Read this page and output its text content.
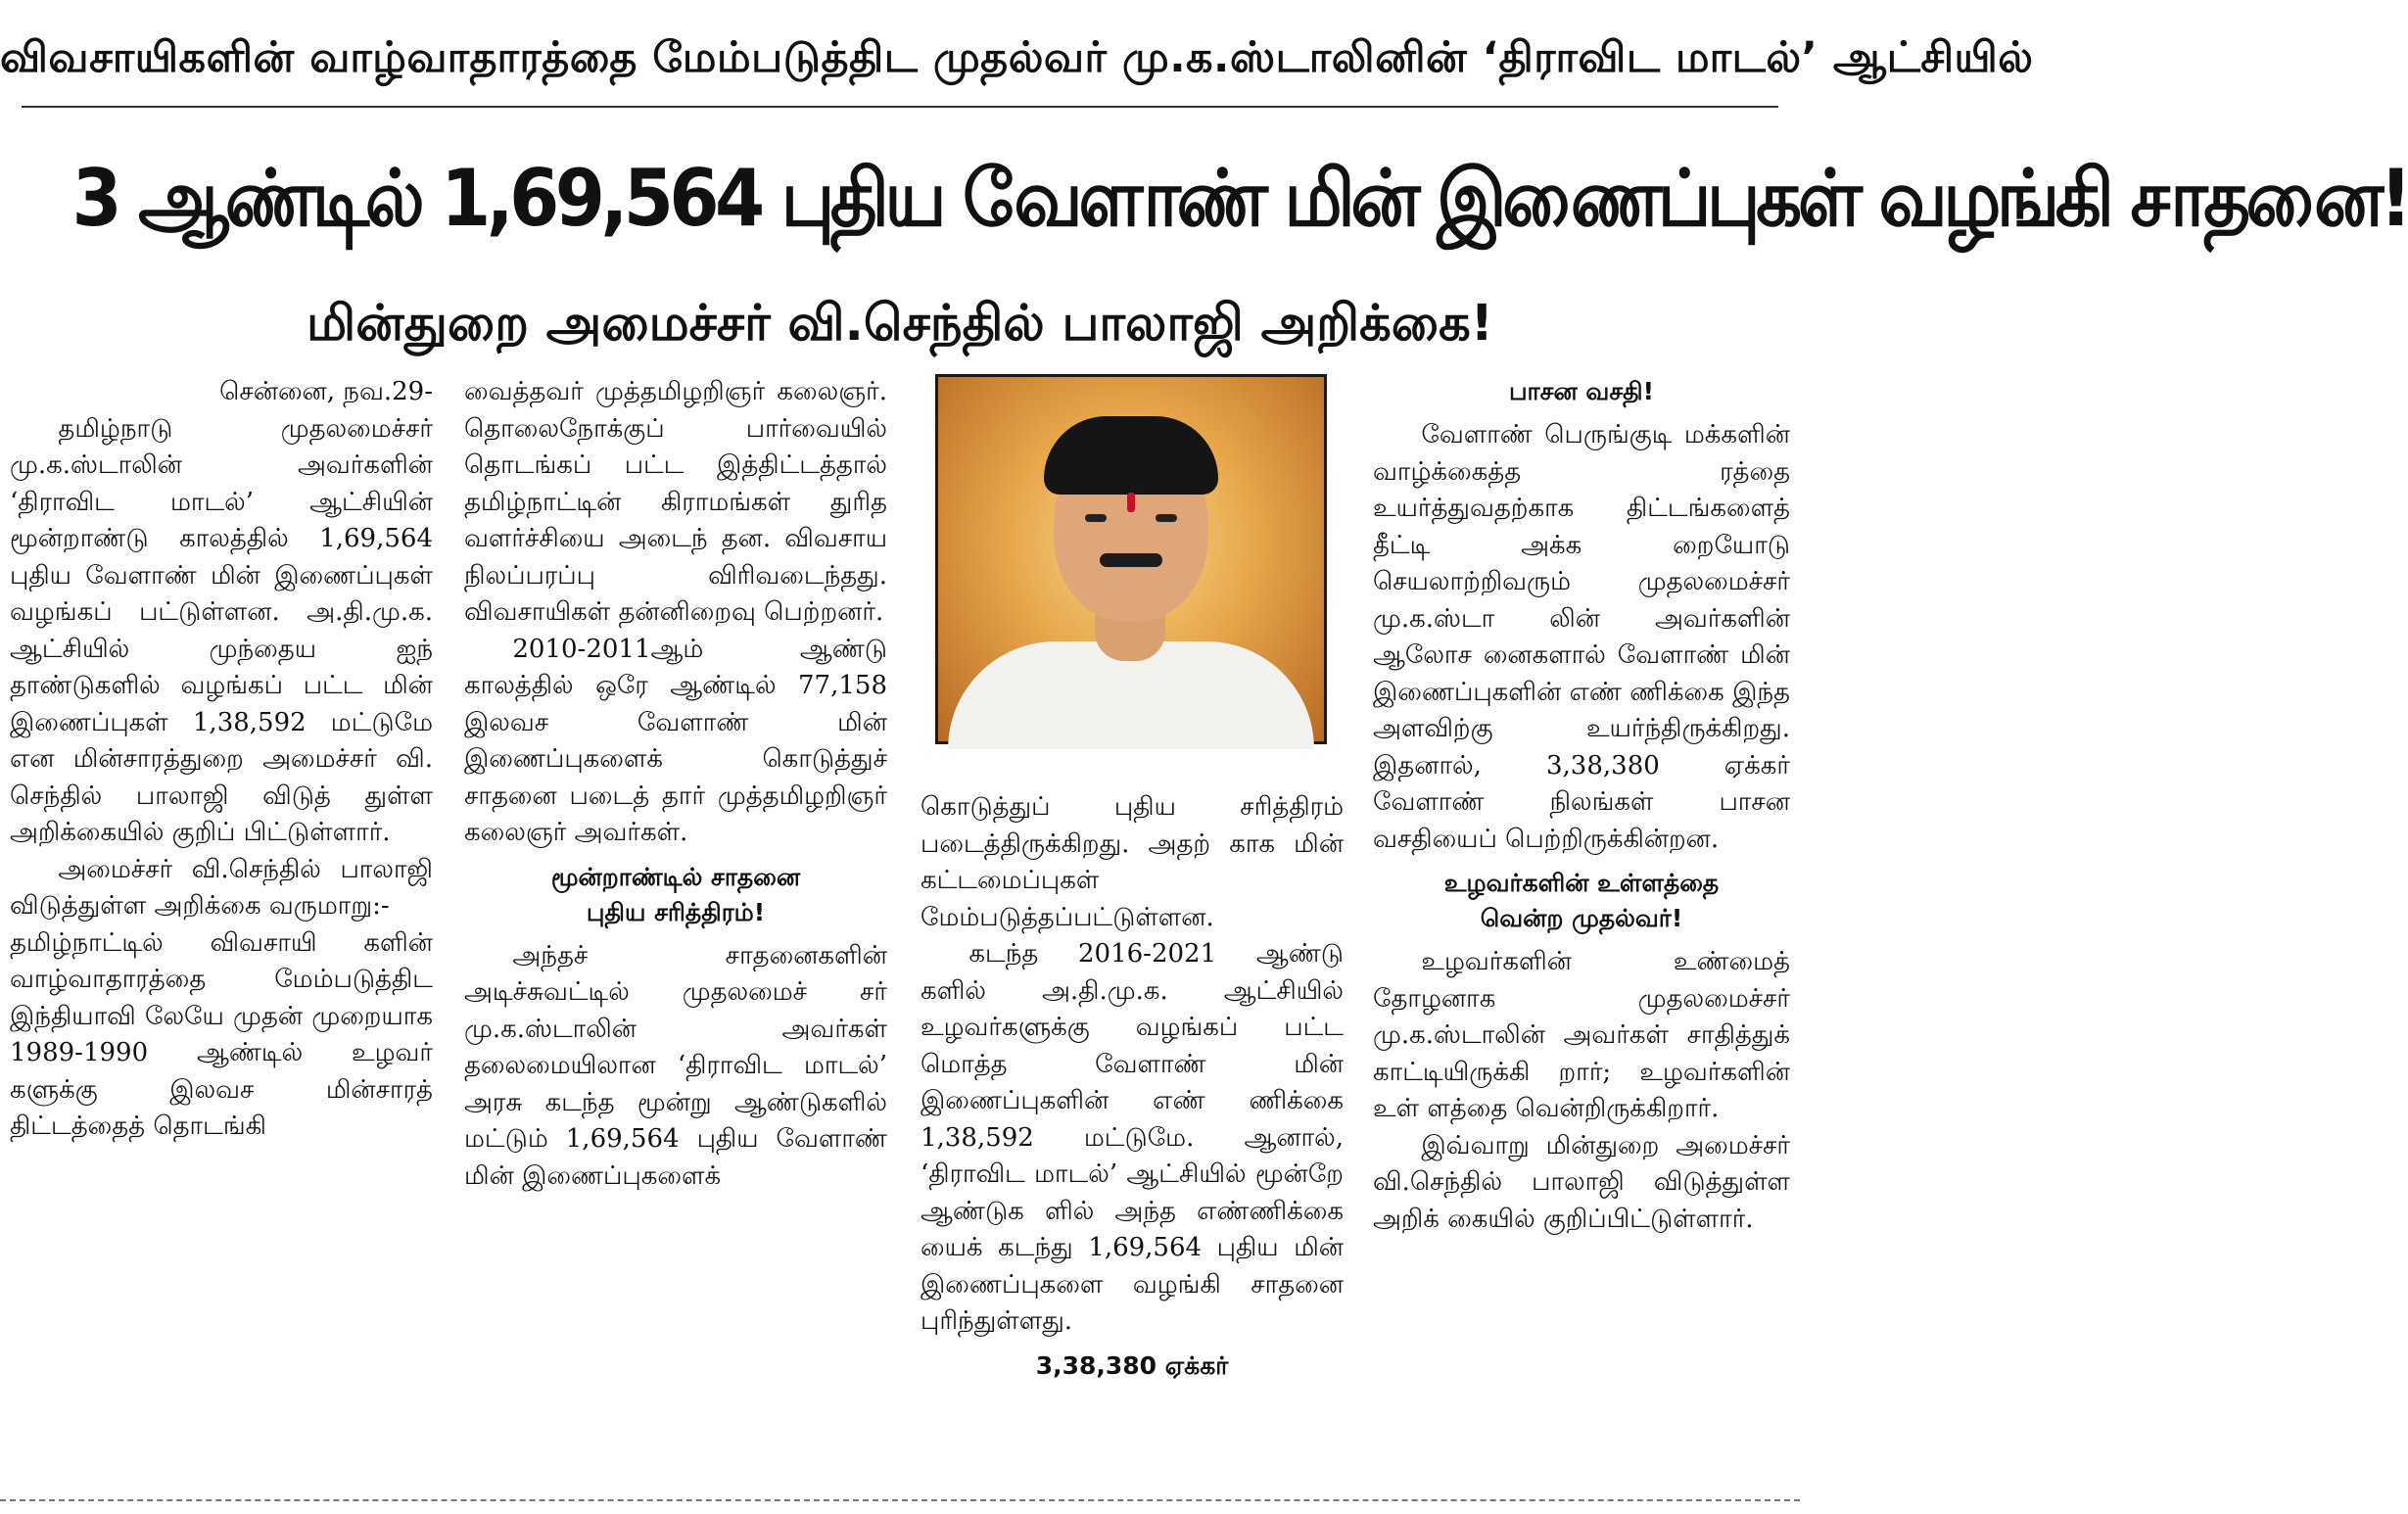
விவசாயிகளின் வாழ்வாதாரத்தை மேம்படுத்திட முதல்வர் மு.க.ஸ்டாலினின் ‘திராவிட மாடல்’ ஆட்சியில்
3 ஆண்டில் 1,69,564 புதிய வேளாண் மின் இணைப்புகள் வழங்கி சாதனை!
மின்துறை அமைச்சர் வி.செந்தில் பாலாஜி அறிக்கை!

சென்னை, நவ.29-

தமிழ்நாடு முதலமைச்சர் மு.க.ஸ்டாலின் அவர்களின் ‘திராவிட மாடல்’ ஆட்சியின் மூன்றாண்டு காலத்தில் 1,69,564 புதிய வேளாண் மின் இணைப்புகள் வழங்கப் பட்டுள்ளன. அ.தி.மு.க. ஆட்சியில் முந்தைய ஐந் தாண்டுகளில் வழங்கப் பட்ட மின் இணைப்புகள் 1,38,592 மட்டுமே என மின்சாரத்துறை அமைச்சர் வி. செந்தில் பாலாஜி விடுத் துள்ள அறிக்கையில் குறிப் பிட்டுள்ளார்.

அமைச்சர் வி.செந்தில் பாலாஜி விடுத்துள்ள அறிக்கை வருமாறு:-

தமிழ்நாட்டில் விவசாயி களின் வாழ்வாதாரத்தை மேம்படுத்திட இந்தியாவி லேயே முதன் முறையாக 1989-1990 ஆண்டில் உழவர் களுக்கு இலவச மின்சாரத் திட்டத்தைத் தொடங்கி

வைத்தவர் முத்தமிழறிஞர் கலைஞர். தொலைநோக்குப் பார்வையில் தொடங்கப் பட்ட இத்திட்டத்தால் தமிழ்நாட்டின் கிராமங்கள் துரித வளர்ச்சியை அடைந் தன. விவசாய நிலப்பரப்பு விரிவடைந்தது. விவசாயிகள் தன்னிறைவு பெற்றனர்.

2010-2011ஆம் ஆண்டு காலத்தில் ஒரே ஆண்டில் 77,158 இலவச வேளாண் மின் இணைப்புகளைக் கொடுத்துச் சாதனை படைத் தார் முத்தமிழறிஞர் கலைஞர் அவர்கள்.

மூன்றாண்டில் சாதனை
புதிய சரித்திரம்!

அந்தச் சாதனைகளின் அடிச்சுவட்டில் முதலமைச் சர் மு.க.ஸ்டாலின் அவர்கள் தலைமையிலான ‘திராவிட மாடல்’ அரசு கடந்த மூன்று ஆண்டுகளில் மட்டும் 1,69,564 புதிய வேளாண் மின் இணைப்புகளைக்

கொடுத்துப் புதிய சரித்திரம் படைத்திருக்கிறது. அதற் காக மின் கட்டமைப்புகள் மேம்படுத்தப்பட்டுள்ளன.

கடந்த 2016-2021 ஆண்டு களில் அ.தி.மு.க. ஆட்சியில் உழவர்களுக்கு வழங்கப் பட்ட மொத்த வேளாண் மின் இணைப்புகளின் எண் ணிக்கை 1,38,592 மட்டுமே. ஆனால், ‘திராவிட மாடல்’ ஆட்சியில் மூன்றே ஆண்டுக ளில் அந்த எண்ணிக்கை யைக் கடந்து 1,69,564 புதிய மின் இணைப்புகளை வழங்கி சாதனை புரிந்துள்ளது.

3,38,380 ஏக்கர்
பாசன வசதி!

வேளாண் பெருங்குடி மக்களின் வாழ்க்கைத்த ரத்தை உயர்த்துவதற்காக திட்டங்களைத் தீட்டி அக்க றையோடு செயலாற்றிவரும் முதலமைச்சர் மு.க.ஸ்டா லின் அவர்களின் ஆலோச னைகளால் வேளாண் மின் இணைப்புகளின் எண் ணிக்கை இந்த அளவிற்கு உயர்ந்திருக்கிறது. இதனால், 3,38,380 ஏக்கர் வேளாண் நிலங்கள் பாசன வசதியைப் பெற்றிருக்கின்றன.

உழவர்களின் உள்ளத்தை
வென்ற முதல்வர்!

உழவர்களின் உண்மைத் தோழனாக முதலமைச்சர் மு.க.ஸ்டாலின் அவர்கள் சாதித்துக் காட்டியிருக்கி றார்; உழவர்களின் உள் ளத்தை வென்றிருக்கிறார்.

இவ்வாறு மின்துறை அமைச்சர் வி.செந்தில் பாலாஜி விடுத்துள்ள அறிக் கையில் குறிப்பிட்டுள்ளார்.
